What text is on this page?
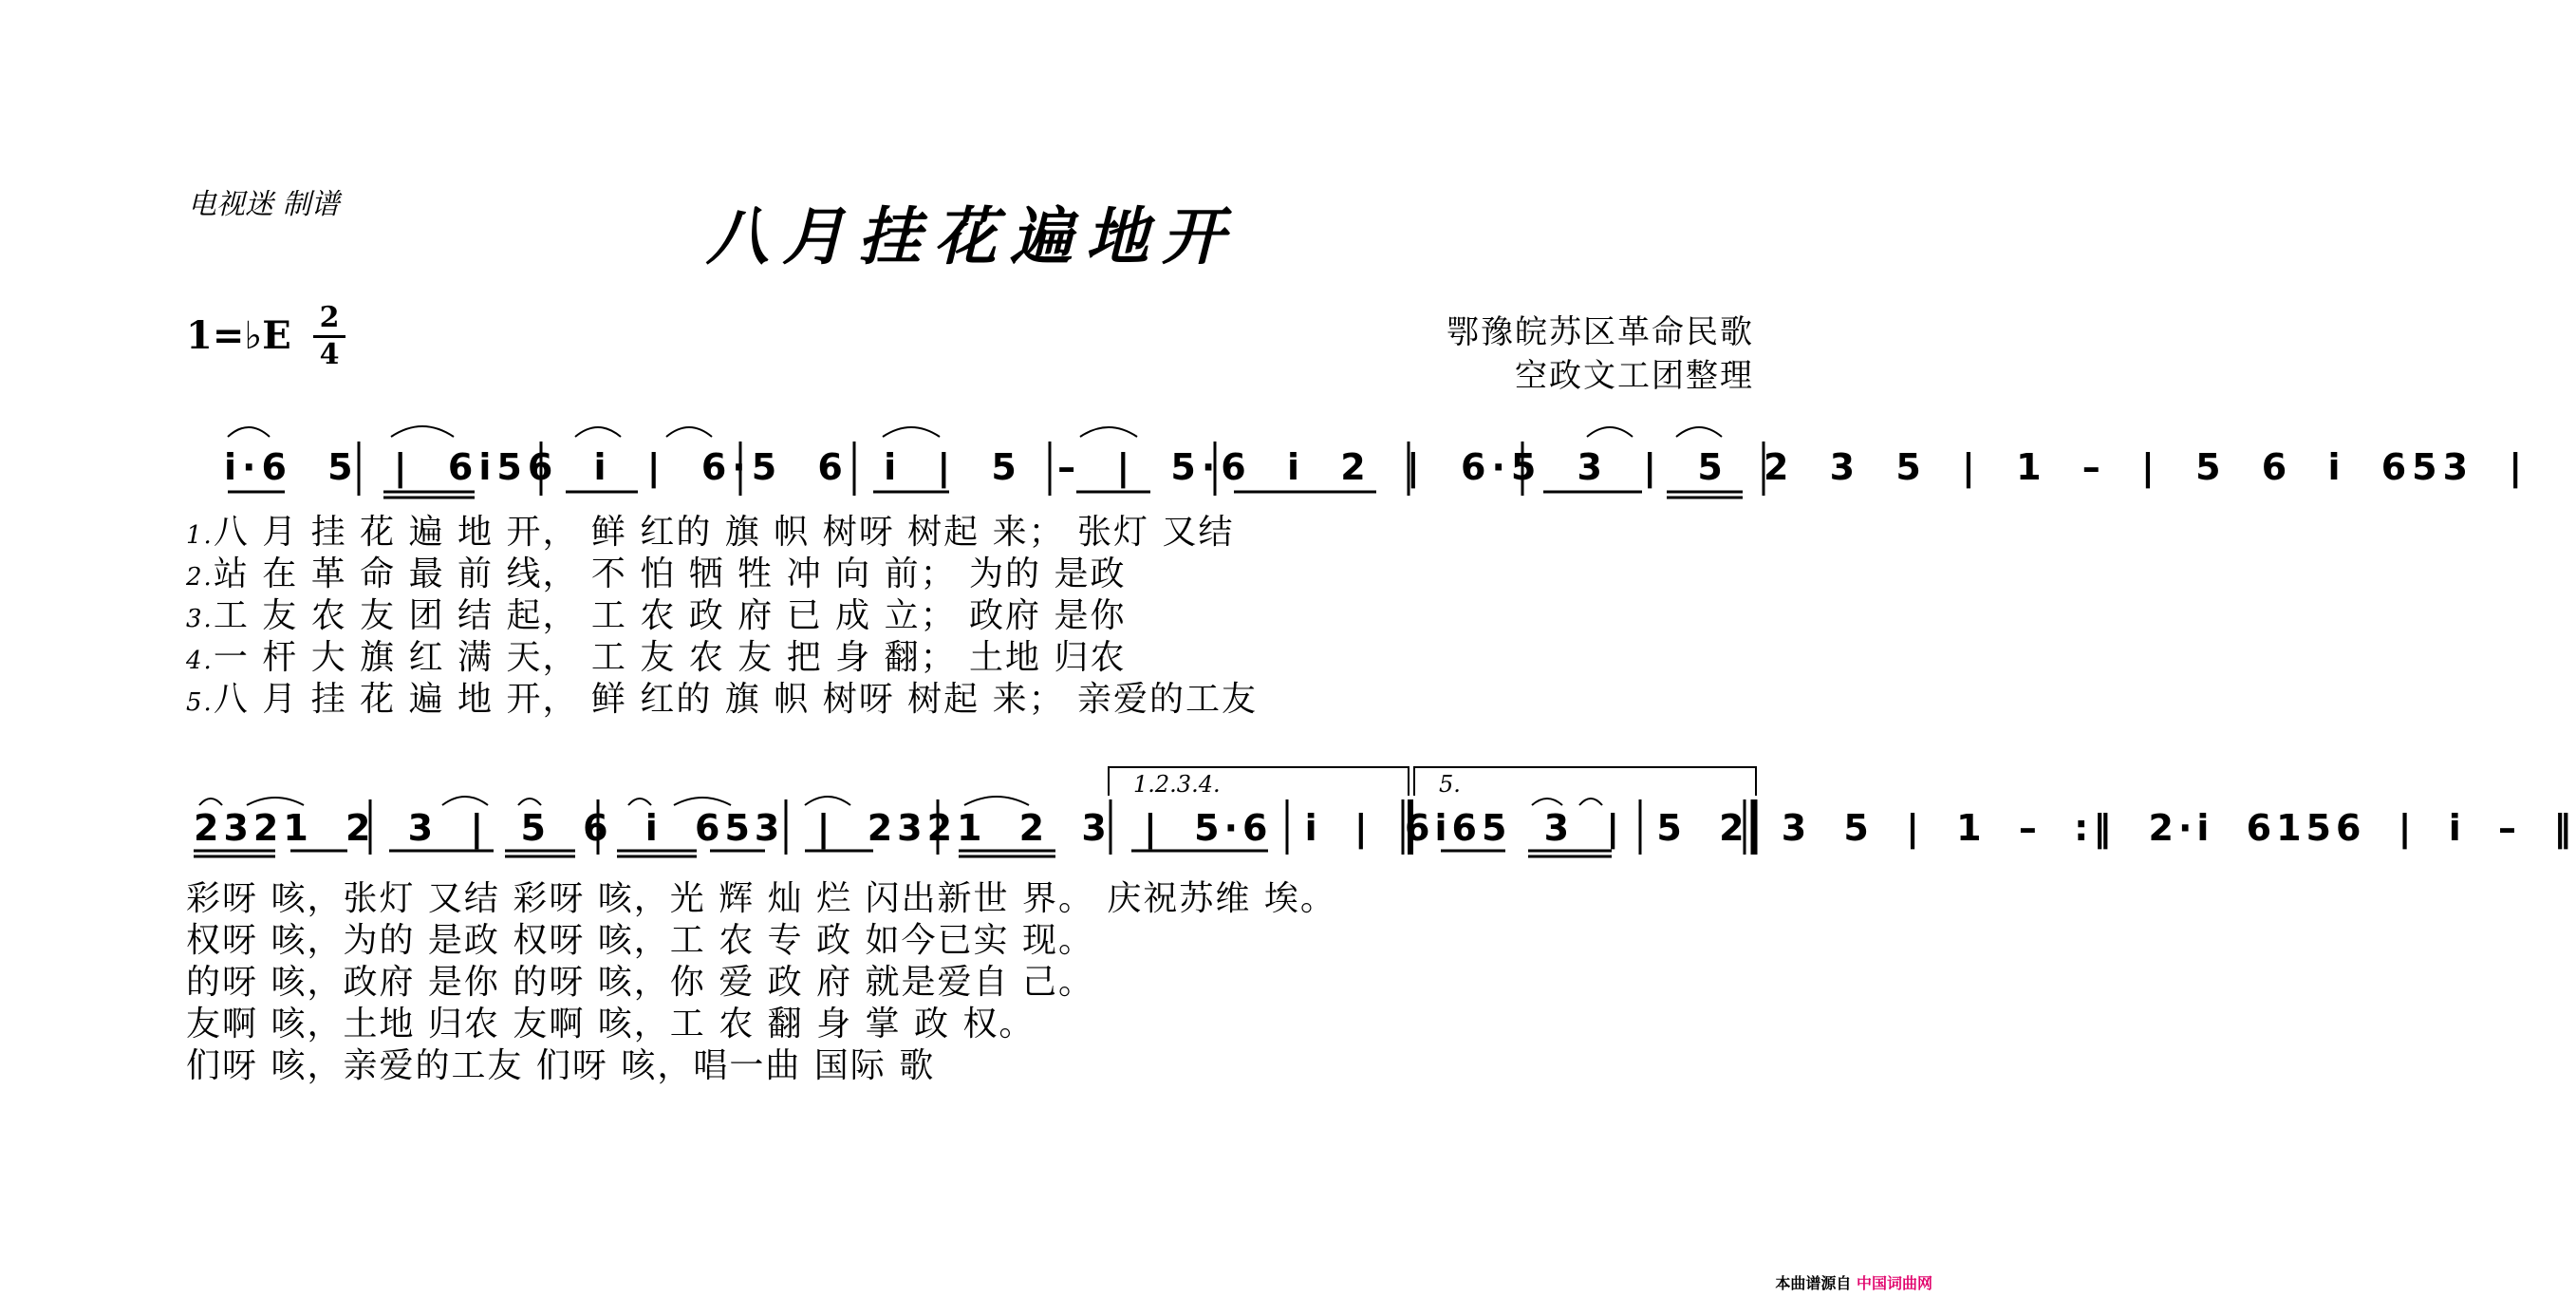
电视迷 制谱	八月挂花遍地开
1=♭E 2
4
鄂豫皖苏区革命民歌
空政文工团整理
i·6 5 | 6i56 i | 6·5 6 i | 5 – | 5·6 i 2 | 6·5 3 | 5 2 3 5 | 1 – | 5 6 i 653 |
1.八 月 挂 花 遍 地 开， 鲜 红的 旗 帜 树呀 树起 来； 张灯 又结
2.站 在 革 命 最 前 线， 不 怕 牺 牲 冲 向 前； 为的 是政
3.工 友 农 友 团 结 起， 工 农 政 府 已 成 立； 政府 是你
4.一 杆 大 旗 红 满 天， 工 友 农 友 把 身 翻； 土地 归农
5.八 月 挂 花 遍 地 开， 鲜 红的 旗 帜 树呀 树起 来； 亲爱的工友
1.2.3.4.	5.
2321 2 3 | 5 6 i 653 | 2321 2 3 | 5·6 i | 6i65 3 | 5 2 3 5 | 1 – :‖ 2·i 6156 | i – ‖
彩呀 咳，张灯 又结 彩呀 咳，光 辉 灿 烂 闪出新世 界。 庆祝苏维 埃。
权呀 咳，为的 是政 权呀 咳，工 农 专 政 如今已实 现。
的呀 咳，政府 是你 的呀 咳，你 爱 政 府 就是爱自 己。
友啊 咳，土地 归农 友啊 咳，工 农 翻 身 掌 政 权。
们呀 咳，亲爱的工友 们呀 咳，唱一曲 国际 歌
本曲谱源自 中国词曲网
